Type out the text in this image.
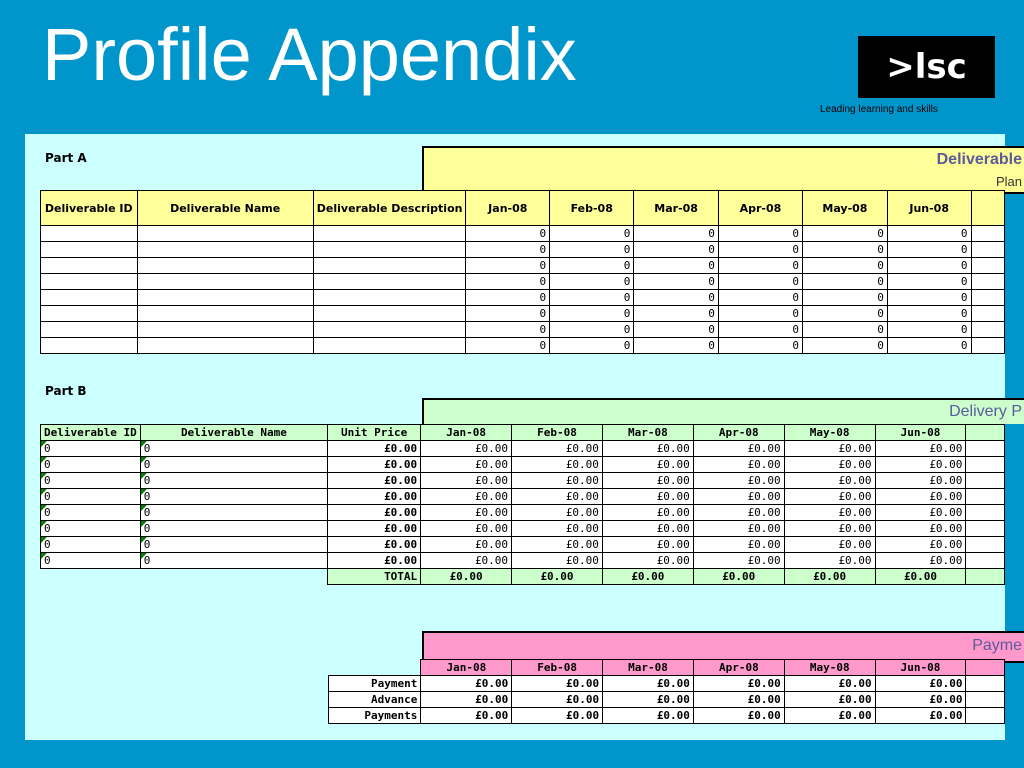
Profile Appendix	>lsc
Leading learning and skills
Part A	Deliverable
Plan
Deliverable ID	Deliverable Name	Deliverable Description	Jan-08	Feb-08	Mar-08	Apr-08	May-08	Jun-08	
			0	0	0	0	0	0	
			0	0	0	0	0	0	
			0	0	0	0	0	0	
			0	0	0	0	0	0	
			0	0	0	0	0	0	
			0	0	0	0	0	0	
			0	0	0	0	0	0	
			0	0	0	0	0	0	
Part B
Delivery P
Deliverable ID	Deliverable Name	Unit Price	Jan-08	Feb-08	Mar-08	Apr-08	May-08	Jun-08	
0	0	£0.00	£0.00	£0.00	£0.00	£0.00	£0.00	£0.00	
0	0	£0.00	£0.00	£0.00	£0.00	£0.00	£0.00	£0.00	
0	0	£0.00	£0.00	£0.00	£0.00	£0.00	£0.00	£0.00	
0	0	£0.00	£0.00	£0.00	£0.00	£0.00	£0.00	£0.00	
0	0	£0.00	£0.00	£0.00	£0.00	£0.00	£0.00	£0.00	
0	0	£0.00	£0.00	£0.00	£0.00	£0.00	£0.00	£0.00	
0	0	£0.00	£0.00	£0.00	£0.00	£0.00	£0.00	£0.00	
0	0	£0.00	£0.00	£0.00	£0.00	£0.00	£0.00	£0.00	
		TOTAL	£0.00	£0.00	£0.00	£0.00	£0.00	£0.00	
Payme
	Jan-08	Feb-08	Mar-08	Apr-08	May-08	Jun-08	
Payment	£0.00	£0.00	£0.00	£0.00	£0.00	£0.00	
Advance	£0.00	£0.00	£0.00	£0.00	£0.00	£0.00	
Payments	£0.00	£0.00	£0.00	£0.00	£0.00	£0.00	
